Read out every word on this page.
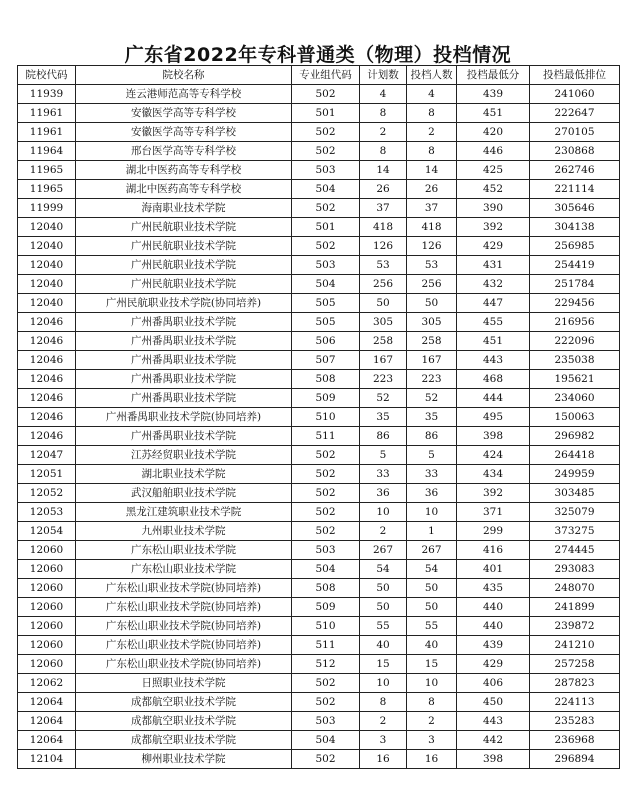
广东省2022年专科普通类（物理）投档情况
院校代码	院校名称	专业组代码	计划数	投档人数	投档最低分	投档最低排位
11939	连云港师范高等专科学校	502	4	4	439	241060
11961	安徽医学高等专科学校	501	8	8	451	222647
11961	安徽医学高等专科学校	502	2	2	420	270105
11964	邢台医学高等专科学校	502	8	8	446	230868
11965	湖北中医药高等专科学校	503	14	14	425	262746
11965	湖北中医药高等专科学校	504	26	26	452	221114
11999	海南职业技术学院	502	37	37	390	305646
12040	广州民航职业技术学院	501	418	418	392	304138
12040	广州民航职业技术学院	502	126	126	429	256985
12040	广州民航职业技术学院	503	53	53	431	254419
12040	广州民航职业技术学院	504	256	256	432	251784
12040	广州民航职业技术学院(协同培养)	505	50	50	447	229456
12046	广州番禺职业技术学院	505	305	305	455	216956
12046	广州番禺职业技术学院	506	258	258	451	222096
12046	广州番禺职业技术学院	507	167	167	443	235038
12046	广州番禺职业技术学院	508	223	223	468	195621
12046	广州番禺职业技术学院	509	52	52	444	234060
12046	广州番禺职业技术学院(协同培养)	510	35	35	495	150063
12046	广州番禺职业技术学院	511	86	86	398	296982
12047	江苏经贸职业技术学院	502	5	5	424	264418
12051	湖北职业技术学院	502	33	33	434	249959
12052	武汉船舶职业技术学院	502	36	36	392	303485
12053	黑龙江建筑职业技术学院	502	10	10	371	325079
12054	九州职业技术学院	502	2	1	299	373275
12060	广东松山职业技术学院	503	267	267	416	274445
12060	广东松山职业技术学院	504	54	54	401	293083
12060	广东松山职业技术学院(协同培养)	508	50	50	435	248070
12060	广东松山职业技术学院(协同培养)	509	50	50	440	241899
12060	广东松山职业技术学院(协同培养)	510	55	55	440	239872
12060	广东松山职业技术学院(协同培养)	511	40	40	439	241210
12060	广东松山职业技术学院(协同培养)	512	15	15	429	257258
12062	日照职业技术学院	502	10	10	406	287823
12064	成都航空职业技术学院	502	8	8	450	224113
12064	成都航空职业技术学院	503	2	2	443	235283
12064	成都航空职业技术学院	504	3	3	442	236968
12104	柳州职业技术学院	502	16	16	398	296894
